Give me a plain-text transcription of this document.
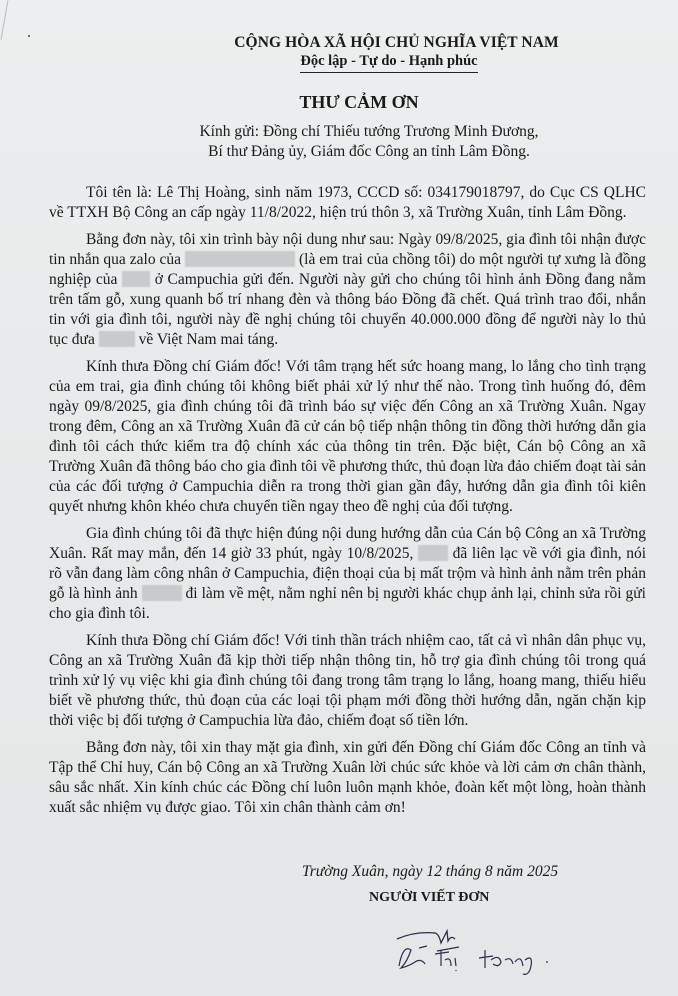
CỘNG HÒA XÃ HỘI CHỦ NGHĨA VIỆT NAM
Độc lập - Tự do - Hạnh phúc
THƯ CẢM ƠN
Kính gửi: Đồng chí Thiếu tướng Trương Minh Đương,
Bí thư Đảng ủy, Giám đốc Công an tỉnh Lâm Đồng.

Tôi tên là: Lê Thị Hoàng, sinh năm 1973, CCCD số: 034179018797, do Cục CS QLHC về TTXH Bộ Công an cấp ngày 11/8/2022, hiện trú thôn 3, xã Trường Xuân, tỉnh Lâm Đồng.

Bằng đơn này, tôi xin trình bày nội dung như sau: Ngày 09/8/2025, gia đình tôi nhận được tin nhắn qua zalo của	(là em trai của chồng tôi) do một người tự xưng là đồng nghiệp của  ở Campuchia gửi đến. Người này gửi cho chúng tôi hình ảnh Đồng đang nằm trên tấm gỗ, xung quanh bố trí nhang đèn và thông báo Đồng đã chết. Quá trình trao đổi, nhắn tin với gia đình tôi, người này đề nghị chúng tôi chuyển 40.000.000 đồng để người này lo thủ tục đưa  về Việt Nam mai táng.

Kính thưa Đồng chí Giám đốc! Với tâm trạng hết sức hoang mang, lo lắng cho tình trạng của em trai, gia đình chúng tôi không biết phải xử lý như thế nào. Trong tình huống đó, đêm ngày 09/8/2025, gia đình chúng tôi đã trình báo sự việc đến Công an xã Trường Xuân. Ngay trong đêm, Công an xã Trường Xuân đã cử cán bộ tiếp nhận thông tin đồng thời hướng dẫn gia đình tôi cách thức kiểm tra độ chính xác của thông tin trên. Đặc biệt, Cán bộ Công an xã Trường Xuân đã thông báo cho gia đình tôi về phương thức, thủ đoạn lừa đảo chiếm đoạt tài sản của các đối tượng ở Campuchia diễn ra trong thời gian gần đây, hướng dẫn gia đình tôi kiên quyết nhưng khôn khéo chưa chuyển tiền ngay theo đề nghị của đối tượng.

Gia đình chúng tôi đã thực hiện đúng nội dung hướng dẫn của Cán bộ Công an xã Trường Xuân. Rất may mắn, đến 14 giờ 33 phút, ngày 10/8/2025,  đã liên lạc về với gia đình, nói rõ vẫn đang làm công nhân ở Campuchia, điện thoại của bị mất trộm và hình ảnh nằm trên phản gỗ là hình ảnh	đi làm về mệt, nằm nghỉ nên bị người khác chụp ảnh lại, chỉnh sửa rồi gửi cho gia đình tôi.

Kính thưa Đồng chí Giám đốc! Với tinh thần trách nhiệm cao, tất cả vì nhân dân phục vụ, Công an xã Trường Xuân đã kịp thời tiếp nhận thông tin, hỗ trợ gia đình chúng tôi trong quá trình xử lý vụ việc khi gia đình chúng tôi đang trong tâm trạng lo lắng, hoang mang, thiếu hiểu biết về phương thức, thủ đoạn của các loại tội phạm mới đồng thời hướng dẫn, ngăn chặn kịp thời việc bị đối tượng ở Campuchia lừa đảo, chiếm đoạt số tiền lớn.

Bằng đơn này, tôi xin thay mặt gia đình, xin gửi đến Đồng chí Giám đốc Công an tỉnh và Tập thể Chỉ huy, Cán bộ Công an xã Trường Xuân lời chúc sức khỏe và lời cảm ơn chân thành, sâu sắc nhất. Xin kính chúc các Đồng chí luôn luôn mạnh khỏe, đoàn kết một lòng, hoàn thành xuất sắc nhiệm vụ được giao. Tôi xin chân thành cảm ơn!

Trường Xuân, ngày 12 tháng 8 năm 2025
NGƯỜI VIẾT ĐƠN
